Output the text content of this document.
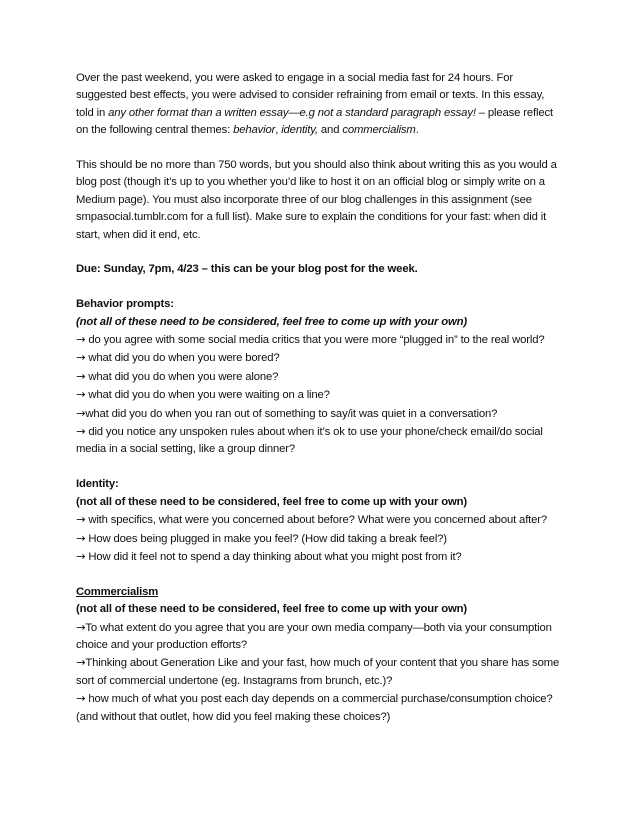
Over the past weekend, you were asked to engage in a social media fast for 24 hours. For suggested best effects, you were advised to consider refraining from email or texts. In this essay, told in any other format than a written essay—e.g not a standard paragraph essay! – please reflect on the following central themes: behavior, identity, and commercialism.

This should be no more than 750 words, but you should also think about writing this as you would a blog post (though it’s up to you whether you’d like to host it on an official blog or simply write on a Medium page). You must also incorporate three of our blog challenges in this assignment (see smpasocial.tumblr.com for a full list). Make sure to explain the conditions for your fast: when did it start, when did it end, etc.

Due: Sunday, 7pm, 4/23 – this can be your blog post for the week.

Behavior prompts:

(not all of these need to be considered, feel free to come up with your own)

→ do you agree with some social media critics that you were more “plugged in” to the real world?

→ what did you do when you were bored?

→ what did you do when you were alone?

→ what did you do when you were waiting on a line?

→what did you do when you ran out of something to say/it was quiet in a conversation?

→ did you notice any unspoken rules about when it’s ok to use your phone/check email/do social media in a social setting, like a group dinner?

Identity:

(not all of these need to be considered, feel free to come up with your own)

→ with specifics, what were you concerned about before? What were you concerned about after?

→ How does being plugged in make you feel? (How did taking a break feel?)

→ How did it feel not to spend a day thinking about what you might post from it?

Commercialism

(not all of these need to be considered, feel free to come up with your own)

→To what extent do you agree that you are your own media company—both via your consumption choice and your production efforts?

→Thinking about Generation Like and your fast, how much of your content that you share has some sort of commercial undertone (eg. Instagrams from brunch, etc.)?

→ how much of what you post each day depends on a commercial purchase/consumption choice? (and without that outlet, how did you feel making these choices?)
